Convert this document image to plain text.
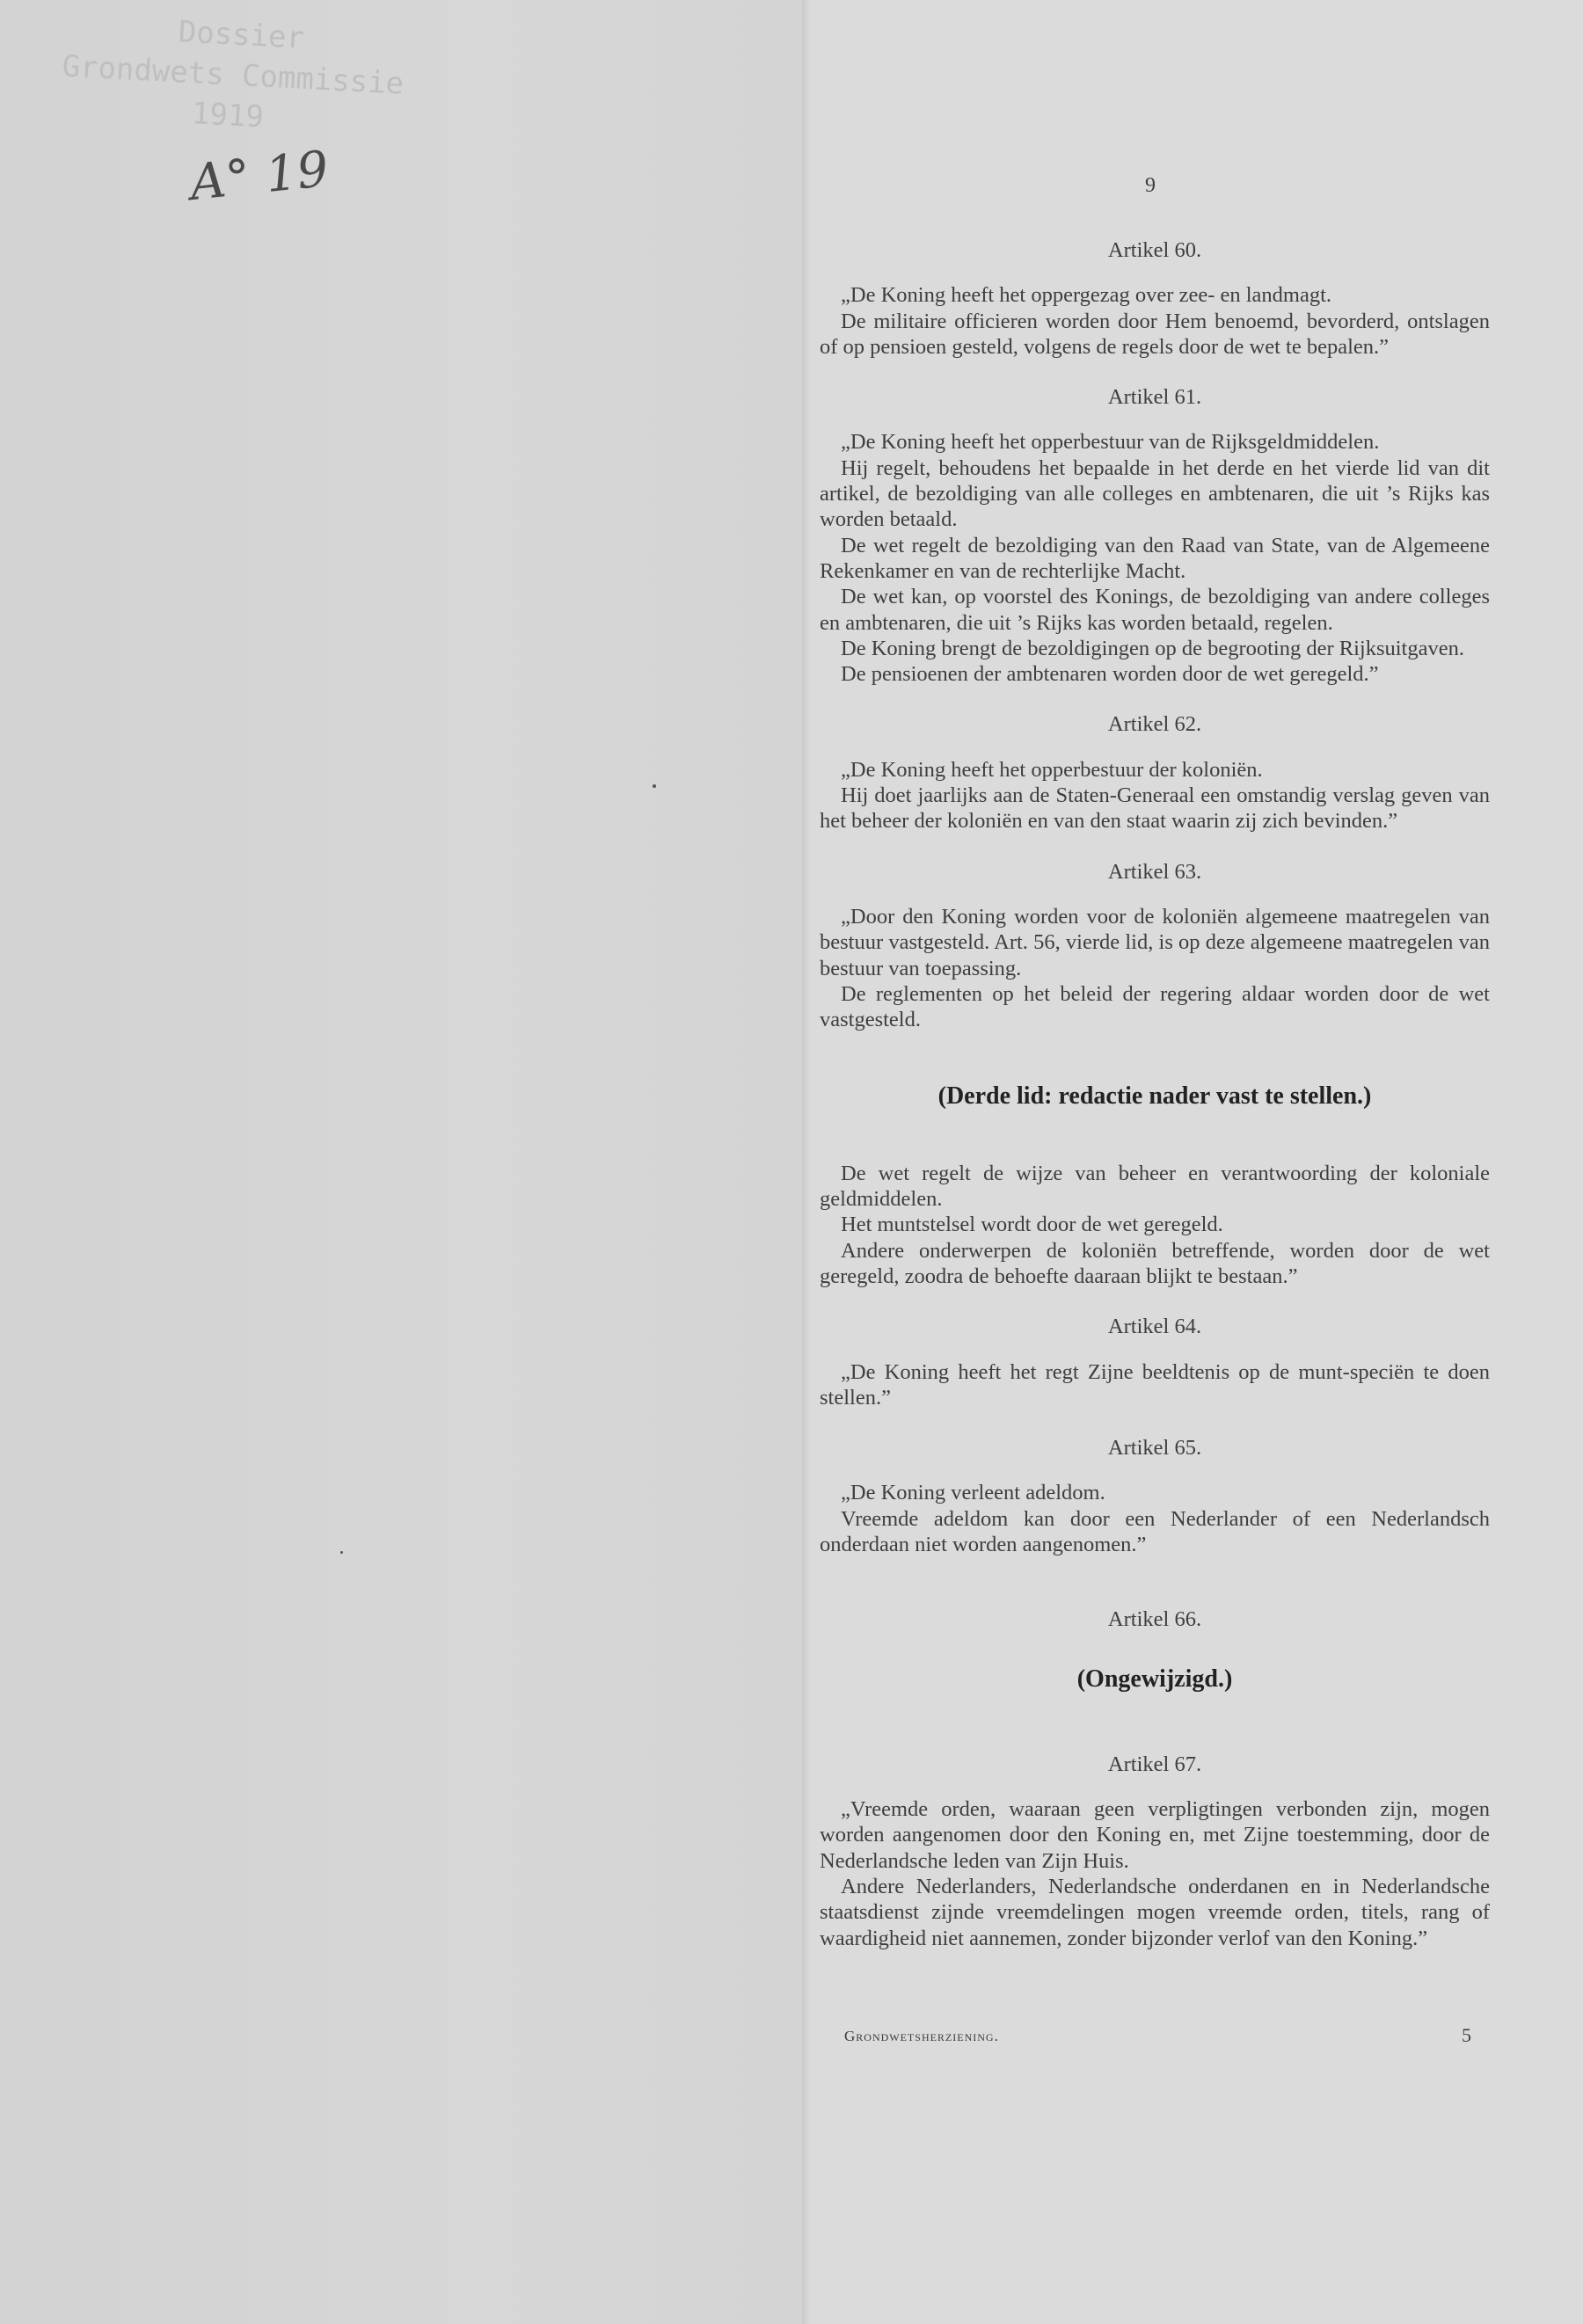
Dossier
Grondwets Commissie
1919
A° 19	9

Artikel 60.

„De Koning heeft het oppergezag over zee- en landmagt.

De militaire officieren worden door Hem benoemd, bevorderd, ontslagen of op pensioen gesteld, volgens de regels door de wet te bepalen.”

Artikel 61.

„De Koning heeft het opperbestuur van de Rijksgeldmiddelen.

Hij regelt, behoudens het bepaalde in het derde en het vierde lid van dit artikel, de bezoldiging van alle colleges en ambtenaren, die uit ’s Rijks kas worden betaald.

De wet regelt de bezoldiging van den Raad van State, van de Algemeene Rekenkamer en van de rechterlijke Macht.

De wet kan, op voorstel des Konings, de bezoldiging van andere colleges en ambtenaren, die uit ’s Rijks kas worden betaald, regelen.

De Koning brengt de bezoldigingen op de begrooting der Rijksuitgaven.

De pensioenen der ambtenaren worden door de wet geregeld.”

Artikel 62.

„De Koning heeft het opperbestuur der koloniën.

Hij doet jaarlijks aan de Staten-Generaal een omstandig verslag geven van het beheer der koloniën en van den staat waarin zij zich bevinden.”

Artikel 63.

„Door den Koning worden voor de koloniën algemeene maatregelen van bestuur vastgesteld. Art. 56, vierde lid, is op deze algemeene maatregelen van bestuur van toepassing.

De reglementen op het beleid der regering aldaar worden door de wet vastgesteld.

(Derde lid: redactie nader vast te stellen.)

De wet regelt de wijze van beheer en verantwoording der koloniale geldmiddelen.

Het muntstelsel wordt door de wet geregeld.

Andere onderwerpen de koloniën betreffende, worden door de wet geregeld, zoodra de behoefte daaraan blijkt te bestaan.”

Artikel 64.

„De Koning heeft het regt Zijne beeldtenis op de munt-speciën te doen stellen.”

Artikel 65.

„De Koning verleent adeldom.

Vreemde adeldom kan door een Nederlander of een Nederlandsch onderdaan niet worden aangenomen.”

Artikel 66.

(Ongewijzigd.)

Artikel 67.

„Vreemde orden, waaraan geen verpligtingen verbonden zijn, mogen worden aangenomen door den Koning en, met Zijne toestemming, door de Nederlandsche leden van Zijn Huis.

Andere Nederlanders, Nederlandsche onderdanen en in Nederlandsche staatsdienst zijnde vreemdelingen mogen vreemde orden, titels, rang of waardigheid niet aannemen, zonder bijzonder verlof van den Koning.”

Grondwetsherziening.	5
